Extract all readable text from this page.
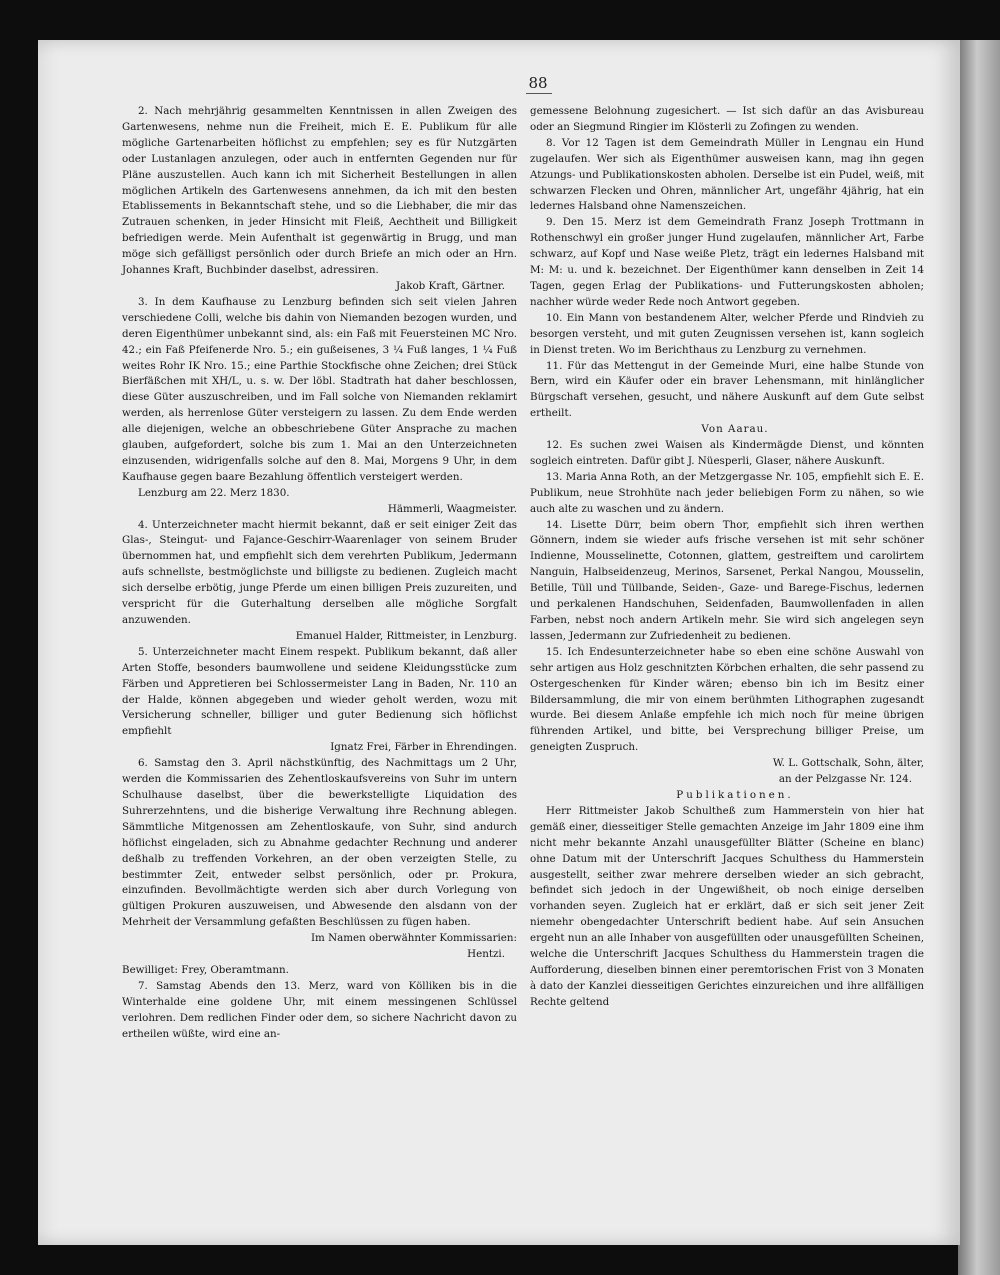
88

2. Nach mehrjährig gesammelten Kenntnissen in allen Zweigen des Gartenwesens, nehme nun die Freiheit, mich E. E. Publikum für alle mögliche Gartenarbeiten höflichst zu empfehlen; sey es für Nutzgärten oder Lustanlagen anzulegen, oder auch in entfernten Gegenden nur für Pläne auszustellen. Auch kann ich mit Sicherheit Bestellungen in allen möglichen Artikeln des Gartenwesens annehmen, da ich mit den besten Etablissements in Bekanntschaft stehe, und so die Liebhaber, die mir das Zutrauen schenken, in jeder Hinsicht mit Fleiß, Aechtheit und Billigkeit befriedigen werde. Mein Aufenthalt ist gegenwärtig in Brugg, und man möge sich gefälligst persönlich oder durch Briefe an mich oder an Hrn. Johannes Kraft, Buchbinder daselbst, adressiren.

Jakob Kraft, Gärtner.

3. In dem Kaufhause zu Lenzburg befinden sich seit vielen Jahren verschiedene Colli, welche bis dahin von Niemanden bezogen wurden, und deren Eigenthümer unbekannt sind, als: ein Faß mit Feuersteinen MC Nro. 42.; ein Faß Pfeifenerde Nro. 5.; ein gußeisenes, 3 ¼ Fuß langes, 1 ¼ Fuß weites Rohr IK Nro. 15.; eine Parthie Stockfische ohne Zeichen; drei Stück Bierfäßchen mit XH/L, u. s. w. Der löbl. Stadtrath hat daher beschlossen, diese Güter auszuschreiben, und im Fall solche von Niemanden reklamirt werden, als herrenlose Güter versteigern zu lassen. Zu dem Ende werden alle diejenigen, welche an obbeschriebene Güter Ansprache zu machen glauben, aufgefordert, solche bis zum 1. Mai an den Unterzeichneten einzusenden, widrigenfalls solche auf den 8. Mai, Morgens 9 Uhr, in dem Kaufhause gegen baare Bezahlung öffentlich versteigert werden.

Lenzburg am 22. Merz 1830.

Hämmerli, Waagmeister.

4. Unterzeichneter macht hiermit bekannt, daß er seit einiger Zeit das Glas-, Steingut- und Fajance-Geschirr-Waarenlager von seinem Bruder übernommen hat, und empfiehlt sich dem verehrten Publikum, Jedermann aufs schnellste, bestmöglichste und billigste zu bedienen. Zugleich macht sich derselbe erbötig, junge Pferde um einen billigen Preis zuzureiten, und verspricht für die Guterhaltung derselben alle mögliche Sorgfalt anzuwenden.

Emanuel Halder, Rittmeister, in Lenzburg.

5. Unterzeichneter macht Einem respekt. Publikum bekannt, daß aller Arten Stoffe, besonders baumwollene und seidene Kleidungsstücke zum Färben und Appretieren bei Schlossermeister Lang in Baden, Nr. 110 an der Halde, können abgegeben und wieder geholt werden, wozu mit Versicherung schneller, billiger und guter Bedienung sich höflichst empfiehlt

Ignatz Frei, Färber in Ehrendingen.

6. Samstag den 3. April nächstkünftig, des Nachmittags um 2 Uhr, werden die Kommissarien des Zehentloskaufsvereins von Suhr im untern Schulhause daselbst, über die bewerkstelligte Liquidation des Suhrerzehntens, und die bisherige Verwaltung ihre Rechnung ablegen. Sämmtliche Mitgenossen am Zehentloskaufe, von Suhr, sind andurch höflichst eingeladen, sich zu Abnahme gedachter Rechnung und anderer deßhalb zu treffenden Vorkehren, an der oben verzeigten Stelle, zu bestimmter Zeit, entweder selbst persönlich, oder pr. Prokura, einzufinden. Bevollmächtigte werden sich aber durch Vorlegung von gültigen Prokuren auszuweisen, und Abwesende den alsdann von der Mehrheit der Versammlung gefaßten Beschlüssen zu fügen haben.

Im Namen oberwähnter Kommissarien:

Hentzi.

Bewilliget: Frey, Oberamtmann.

7. Samstag Abends den 13. Merz, ward von Kölliken bis in die Winterhalde eine goldene Uhr, mit einem messingenen Schlüssel verlohren. Dem redlichen Finder oder dem, so sichere Nachricht davon zu ertheilen wüßte, wird eine an-

gemessene Belohnung zugesichert. — Ist sich dafür an das Avisbureau oder an Siegmund Ringier im Klösterli zu Zofingen zu wenden.

8. Vor 12 Tagen ist dem Gemeindrath Müller in Lengnau ein Hund zugelaufen. Wer sich als Eigenthümer ausweisen kann, mag ihn gegen Atzungs- und Publikationskosten abholen. Derselbe ist ein Pudel, weiß, mit schwarzen Flecken und Ohren, männlicher Art, ungefähr 4jährig, hat ein ledernes Halsband ohne Namenszeichen.

9. Den 15. Merz ist dem Gemeindrath Franz Joseph Trottmann in Rothenschwyl ein großer junger Hund zugelaufen, männlicher Art, Farbe schwarz, auf Kopf und Nase weiße Pletz, trägt ein ledernes Halsband mit M: M: u. und k. bezeichnet. Der Eigenthümer kann denselben in Zeit 14 Tagen, gegen Erlag der Publikations- und Futterungskosten abholen; nachher würde weder Rede noch Antwort gegeben.

10. Ein Mann von bestandenem Alter, welcher Pferde und Rindvieh zu besorgen versteht, und mit guten Zeugnissen versehen ist, kann sogleich in Dienst treten. Wo im Berichthaus zu Lenzburg zu vernehmen.

11. Für das Mettengut in der Gemeinde Muri, eine halbe Stunde von Bern, wird ein Käufer oder ein braver Lehensmann, mit hinlänglicher Bürgschaft versehen, gesucht, und nähere Auskunft auf dem Gute selbst ertheilt.

Von Aarau.

12. Es suchen zwei Waisen als Kindermägde Dienst, und könnten sogleich eintreten. Dafür gibt J. Nüesperli, Glaser, nähere Auskunft.

13. Maria Anna Roth, an der Metzgergasse Nr. 105, empfiehlt sich E. E. Publikum, neue Strohhüte nach jeder beliebigen Form zu nähen, so wie auch alte zu waschen und zu ändern.

14. Lisette Dürr, beim obern Thor, empfiehlt sich ihren werthen Gönnern, indem sie wieder aufs frische versehen ist mit sehr schöner Indienne, Mousselinette, Cotonnen, glattem, gestreiftem und carolirtem Nanguin, Halbseidenzeug, Merinos, Sarsenet, Perkal Nangou, Mousselin, Betille, Tüll und Tüllbande, Seiden-, Gaze- und Barege-Fischus, ledernen und perkalenen Handschuhen, Seidenfaden, Baumwollenfaden in allen Farben, nebst noch andern Artikeln mehr. Sie wird sich angelegen seyn lassen, Jedermann zur Zufriedenheit zu bedienen.

15. Ich Endesunterzeichneter habe so eben eine schöne Auswahl von sehr artigen aus Holz geschnitzten Körbchen erhalten, die sehr passend zu Ostergeschenken für Kinder wären; ebenso bin ich im Besitz einer Bildersammlung, die mir von einem berühmten Lithographen zugesandt wurde. Bei diesem Anlaße empfehle ich mich noch für meine übrigen führenden Artikel, und bitte, bei Versprechung billiger Preise, um geneigten Zuspruch.

W. L. Gottschalk, Sohn, älter,

an der Pelzgasse Nr. 124.

Publikationen.

Herr Rittmeister Jakob Schultheß zum Hammerstein von hier hat gemäß einer, diesseitiger Stelle gemachten Anzeige im Jahr 1809 eine ihm nicht mehr bekannte Anzahl unausgefüllter Blätter (Scheine en blanc) ohne Datum mit der Unterschrift Jacques Schulthess du Hammerstein ausgestellt, seither zwar mehrere derselben wieder an sich gebracht, befindet sich jedoch in der Ungewißheit, ob noch einige derselben vorhanden seyen. Zugleich hat er erklärt, daß er sich seit jener Zeit niemehr obengedachter Unterschrift bedient habe. Auf sein Ansuchen ergeht nun an alle Inhaber von ausgefüllten oder unausgefüllten Scheinen, welche die Unterschrift Jacques Schulthess du Hammerstein tragen die Aufforderung, dieselben binnen einer peremtorischen Frist von 3 Monaten à dato der Kanzlei diesseitigen Gerichtes einzureichen und ihre allfälligen Rechte geltend
